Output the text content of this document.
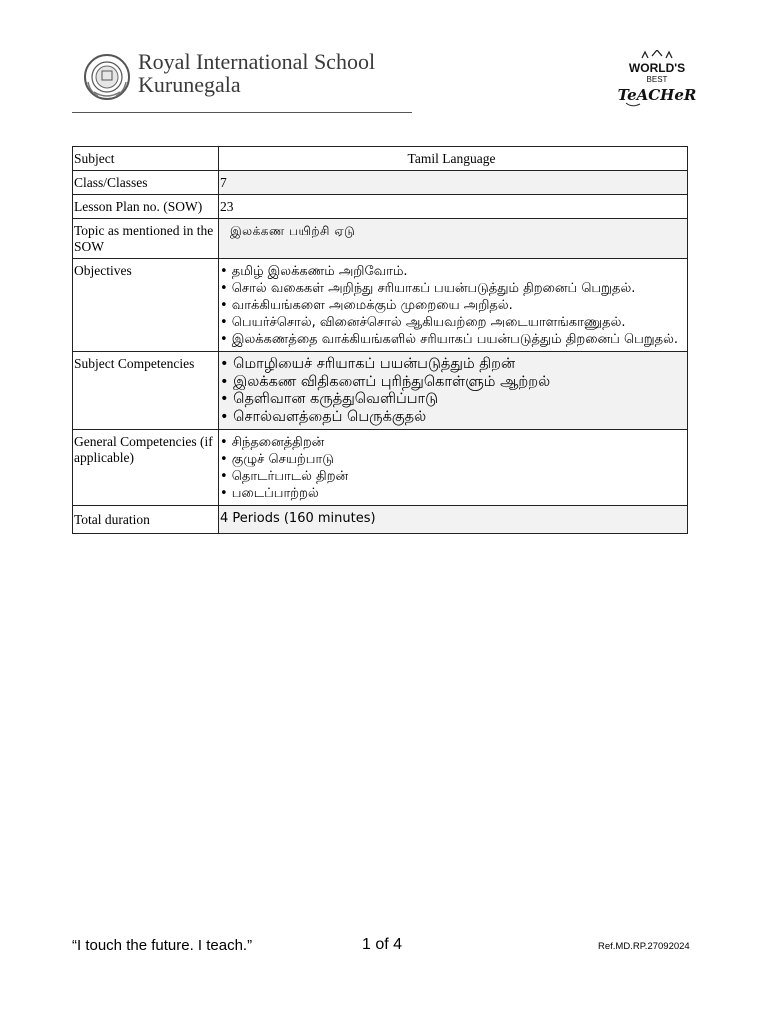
Royal International School
Kurunegala
WORLD'S
BEST
TeACHeR
Subject	Tamil Language
Class/Classes	7
Lesson Plan no. (SOW)	23
Topic as mentioned in the SOW	இலக்கண பயிற்சி ஏடு
Objectives	• தமிழ் இலக்கணம் அறிவோம்.
• சொல் வகைகள் அறிந்து சரியாகப் பயன்படுத்தும் திறனைப் பெறுதல்.
• வாக்கியங்களை அமைக்கும் முறையை அறிதல்.
• பெயர்ச்சொல், வினைச்சொல் ஆகியவற்றை அடையாளங்காணுதல்.
• இலக்கணத்தை வாக்கியங்களில் சரியாகப் பயன்படுத்தும் திறனைப் பெறுதல்.

Subject Competencies	• மொழியைச் சரியாகப் பயன்படுத்தும் திறன்
• இலக்கண விதிகளைப் புரிந்துகொள்ளும் ஆற்றல்
• தெளிவான கருத்துவெளிப்பாடு
• சொல்வளத்தைப் பெருக்குதல்

General Competencies (if applicable)	• சிந்தனைத்திறன்
• குழுச் செயற்பாடு
• தொடர்பாடல் திறன்
• படைப்பாற்றல்

Total duration	4 Periods (160 minutes)
“I touch the future. I teach.”	1 of 4	Ref.MD.RP.27092024
